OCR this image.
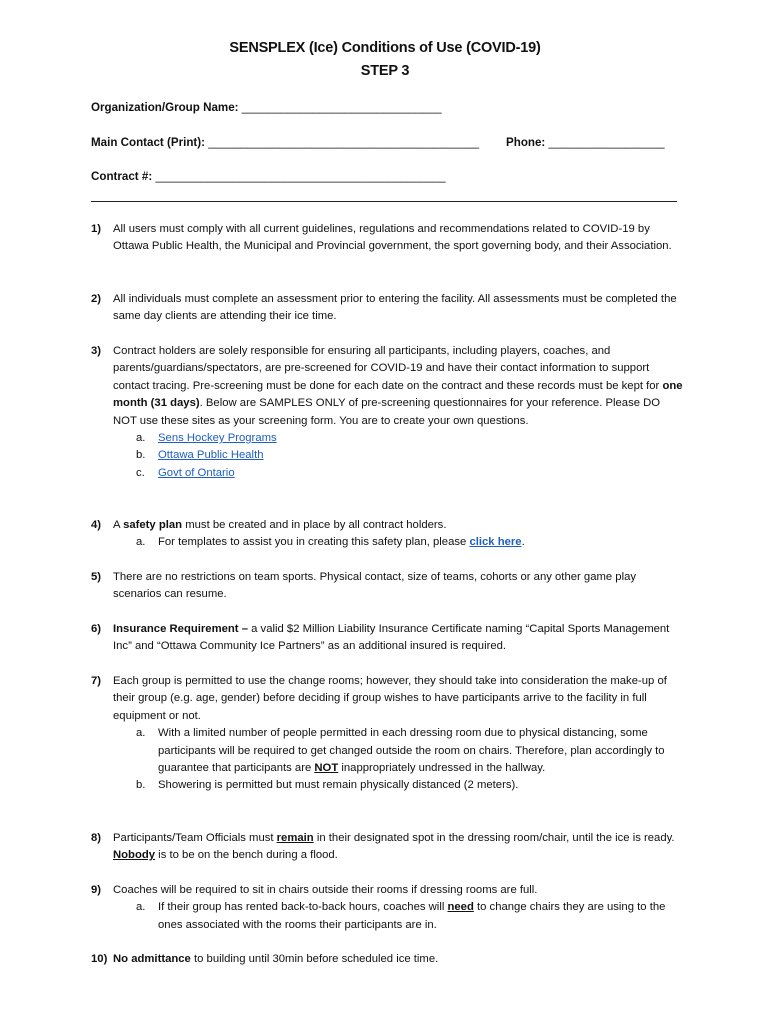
SENSPLEX (Ice) Conditions of Use (COVID-19)
STEP 3
Organization/Group Name: _______________________________
Main Contact (Print): __________________________________________ Phone: __________________
Contract #: _____________________________________________
1) All users must comply with all current guidelines, regulations and recommendations related to COVID-19 by Ottawa Public Health, the Municipal and Provincial government, the sport governing body, and their Association.

2) All individuals must complete an assessment prior to entering the facility. All assessments must be completed the same day clients are attending their ice time.

3) Contract holders are solely responsible for ensuring all participants, including players, coaches, and parents/guardians/spectators, are pre-screened for COVID-19 and have their contact information to support contact tracing. Pre-screening must be done for each date on the contract and these records must be kept for one month (31 days). Below are SAMPLES ONLY of pre-screening questionnaires for your reference. Please DO NOT use these sites as your screening form. You are to create your own questions.

a. Sens Hockey Programs
b. Ottawa Public Health
c. Govt of Ontario
4) A safety plan must be created and in place by all contract holders.

a. For templates to assist you in creating this safety plan, please click here.
5) There are no restrictions on team sports. Physical contact, size of teams, cohorts or any other game play scenarios can resume.

6) Insurance Requirement – a valid $2 Million Liability Insurance Certificate naming “Capital Sports Management Inc” and “Ottawa Community Ice Partners” as an additional insured is required.

7) Each group is permitted to use the change rooms; however, they should take into consideration the make-up of their group (e.g. age, gender) before deciding if group wishes to have participants arrive to the facility in full equipment or not.

a. With a limited number of people permitted in each dressing room due to physical distancing, some participants will be required to get changed outside the room on chairs. Therefore, plan accordingly to guarantee that participants are NOT inappropriately undressed in the hallway.
b. Showering is permitted but must remain physically distanced (2 meters).
8) Participants/Team Officials must remain in their designated spot in the dressing room/chair, until the ice is ready. Nobody is to be on the bench during a flood.

9) Coaches will be required to sit in chairs outside their rooms if dressing rooms are full.

a. If their group has rented back-to-back hours, coaches will need to change chairs they are using to the ones associated with the rooms their participants are in.
10) No admittance to building until 30min before scheduled ice time.
